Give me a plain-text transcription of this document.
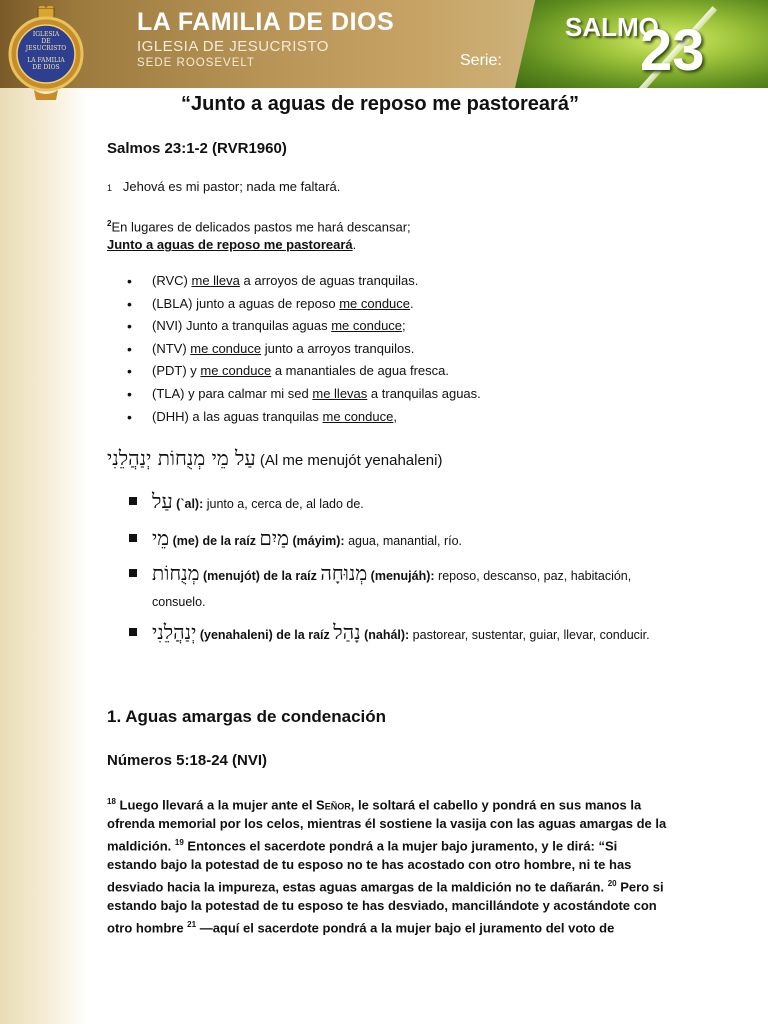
LA FAMILIA DE DIOS
IGLESIA DE JESUCRISTO
SEDE ROOSEVELT	Serie:
SALMO
23
IGLESIA
DE
JESUCRISTO
LA FAMILIA
DE DIOS
“Junto a aguas de reposo me pastoreará”
Salmos 23:1-2 (RVR1960)
1 Jehová es mi pastor; nada me faltará.
$^2$En lugares de delicados pastos me hará descansar;
Junto a aguas de reposo me pastoreará.
• (RVC) me lleva a arroyos de aguas tranquilas.
• (LBLA) junto a aguas de reposo me conduce.
• (NVI) Junto a tranquilas aguas me conduce;
• (NTV) me conduce junto a arroyos tranquilos.
• (PDT) y me conduce a manantiales de agua fresca.
• (TLA) y para calmar mi sed me llevas a tranquilas aguas.
• (DHH) a las aguas tranquilas me conduce,
עַל מֵי מְנֻחוֹת יְנַהֲלֵנִי (Al me menujót yenahaleni)
עַל (`al): junto a, cerca de, al lado de.
מֵי (me) de la raíz מַיִם (máyim): agua, manantial, río.
מְנֻחוֹת (menujót) de la raíz מְנוּחָה (menujáh): reposo, descanso, paz, habitación, consuelo.
יְנַהֲלֵנִי (yenahaleni) de la raíz נָהַל (nahál): pastorear, sustentar, guiar, llevar, conducir.
1. Aguas amargas de condenación
Números 5:18-24 (NVI)
$^{18}$ Luego llevará a la mujer ante el Señor, le soltará el cabello y pondrá en sus manos la ofrenda memorial por los celos, mientras él sostiene la vasija con las aguas amargas de la maldición. $^{19}$ Entonces el sacerdote pondrá a la mujer bajo juramento, y le dirá: “Si estando bajo la potestad de tu esposo no te has acostado con otro hombre, ni te has desviado hacia la impureza, estas aguas amargas de la maldición no te dañarán. $^{20}$ Pero si estando bajo la potestad de tu esposo te has desviado, mancillándote y acostándote con otro hombre $^{21}$ —aquí el sacerdote pondrá a la mujer bajo el juramento del voto de
